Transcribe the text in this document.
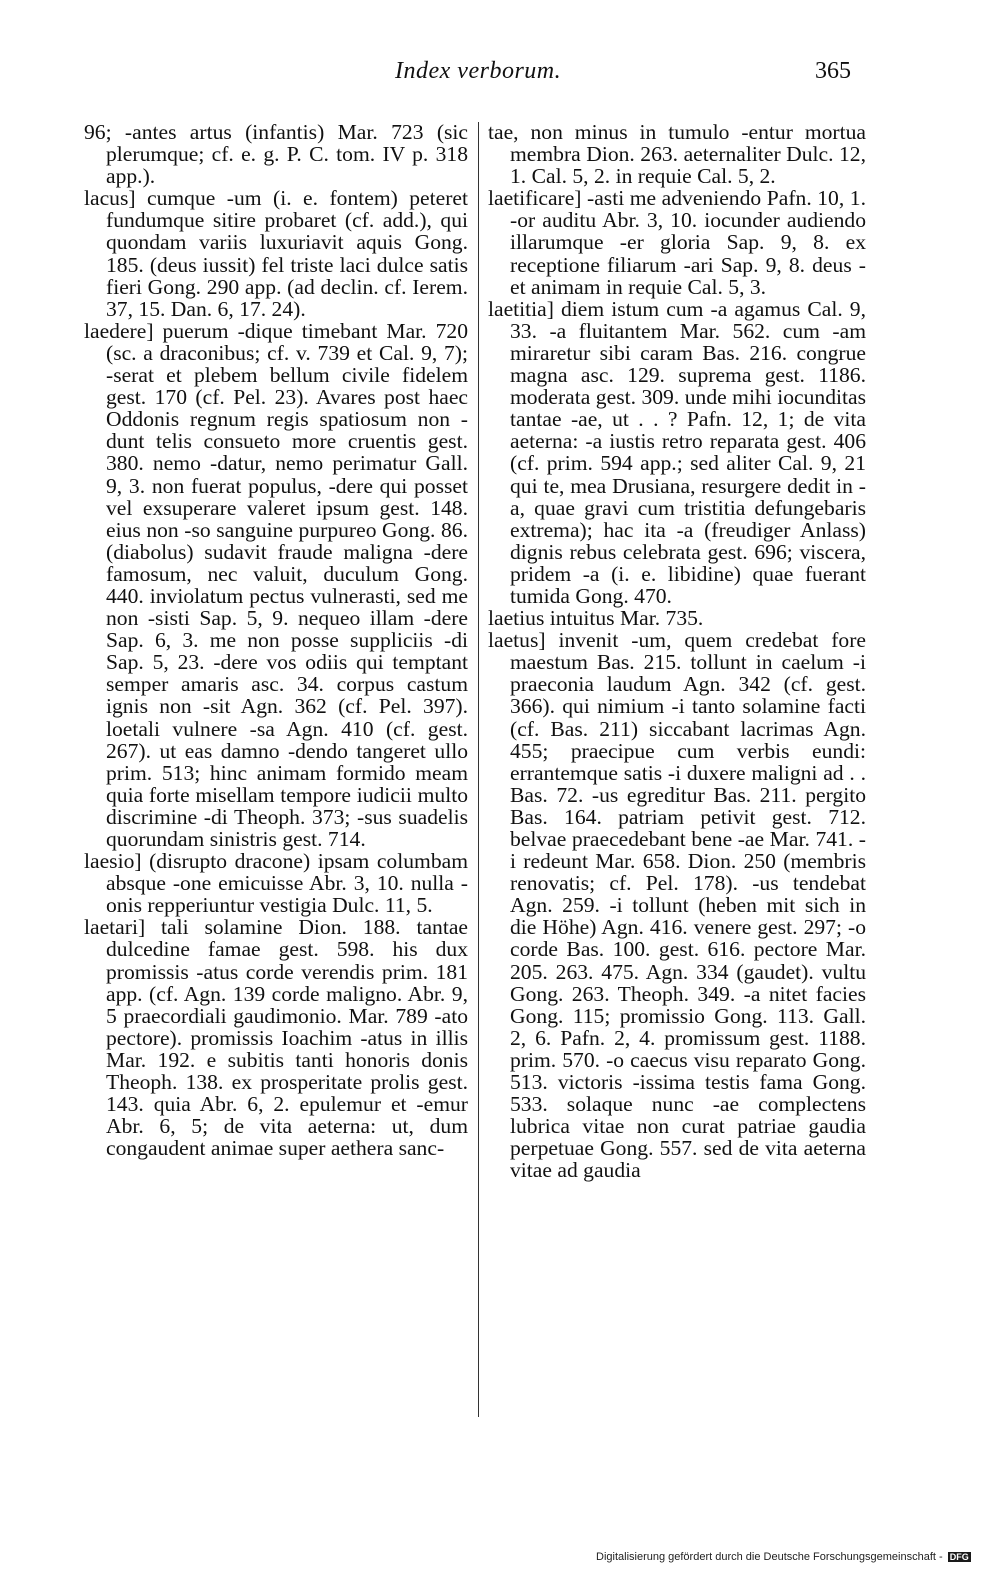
Index verborum.	365

96; -antes artus (infantis) Mar. 723 (sic plerumque; cf. e. g. P. C. tom. IV p. 318 app.).

lacus] cumque -um (i. e. fontem) peteret fundumque sitire probaret (cf. add.), qui quondam variis luxuriavit aquis Gong. 185. (deus iussit) fel triste laci dulce satis fieri Gong. 290 app. (ad declin. cf. Ierem. 37, 15. Dan. 6, 17. 24).

laedere] puerum -dique timebant Mar. 720 (sc. a draconibus; cf. v. 739 et Cal. 9, 7); -serat et plebem bellum civile fidelem gest. 170 (cf. Pel. 23). Avares post haec Oddonis regnum regis spatiosum non -dunt telis consueto more cruentis gest. 380. nemo -datur, nemo perimatur Gall. 9, 3. non fuerat populus, -dere qui posset vel exsuperare valeret ipsum gest. 148. eius non -so sanguine purpureo Gong. 86. (diabolus) sudavit fraude maligna -dere famosum, nec valuit, duculum Gong. 440. inviolatum pectus vulnerasti, sed me non -sisti Sap. 5, 9. nequeo illam -dere Sap. 6, 3. me non posse suppliciis -di Sap. 5, 23. -dere vos odiis qui temptant semper amaris asc. 34. corpus castum ignis non -sit Agn. 362 (cf. Pel. 397). loetali vulnere -sa Agn. 410 (cf. gest. 267). ut eas damno -dendo tangeret ullo prim. 513; hinc animam formido meam quia forte misellam tempore iudicii multo discrimine -di Theoph. 373; -sus suadelis quorundam sinistris gest. 714.

laesio] (disrupto dracone) ipsam columbam absque -one emicuisse Abr. 3, 10. nulla -onis repperiuntur vestigia Dulc. 11, 5.

laetari] tali solamine Dion. 188. tantae dulcedine famae gest. 598. his dux promissis -atus corde verendis prim. 181 app. (cf. Agn. 139 corde maligno. Abr. 9, 5 praecordiali gaudimonio. Mar. 789 -ato pectore). promissis Ioachim -atus in illis Mar. 192. e subitis tanti honoris donis Theoph. 138. ex prosperitate prolis gest. 143. quia Abr. 6, 2. epulemur et -emur Abr. 6, 5; de vita aeterna: ut, dum congaudent animae super aethera sanc-

tae, non minus in tumulo -entur mortua membra Dion. 263. aeternaliter Dulc. 12, 1. Cal. 5, 2. in requie Cal. 5, 2.

laetificare] -asti me adveniendo Pafn. 10, 1. -or auditu Abr. 3, 10. iocunder audiendo illarumque -er gloria Sap. 9, 8. ex receptione filiarum -ari Sap. 9, 8. deus -et animam in requie Cal. 5, 3.

laetitia] diem istum cum -a agamus Cal. 9, 33. -a fluitantem Mar. 562. cum -am miraretur sibi caram Bas. 216. congrue magna asc. 129. suprema gest. 1186. moderata gest. 309. unde mihi iocunditas tantae -ae, ut . . ? Pafn. 12, 1; de vita aeterna: -a iustis retro reparata gest. 406 (cf. prim. 594 app.; sed aliter Cal. 9, 21 qui te, mea Drusiana, resurgere dedit in -a, quae gravi cum tristitia defungebaris extrema); hac ita -a (freudiger Anlass) dignis rebus celebrata gest. 696; viscera, pridem -a (i. e. libidine) quae fuerant tumida Gong. 470.

laetius intuitus Mar. 735.

laetus] invenit -um, quem credebat fore maestum Bas. 215. tollunt in caelum -i praeconia laudum Agn. 342 (cf. gest. 366). qui nimium -i tanto solamine facti (cf. Bas. 211) siccabant lacrimas Agn. 455; praecipue cum verbis eundi: errantemque satis -i duxere maligni ad . . Bas. 72. -us egreditur Bas. 211. pergito Bas. 164. patriam petivit gest. 712. belvae praecedebant bene -ae Mar. 741. -i redeunt Mar. 658. Dion. 250 (membris renovatis; cf. Pel. 178). -us tendebat Agn. 259. -i tollunt (heben mit sich in die Höhe) Agn. 416. venere gest. 297; -o corde Bas. 100. gest. 616. pectore Mar. 205. 263. 475. Agn. 334 (gaudet). vultu Gong. 263. Theoph. 349. -a nitet facies Gong. 115; promissio Gong. 113. Gall. 2, 6. Pafn. 2, 4. promissum gest. 1188. prim. 570. -o caecus visu reparato Gong. 513. victoris -issima testis fama Gong. 533. solaque nunc -ae complectens lubrica vitae non curat patriae gaudia perpetuae Gong. 557. sed de vita aeterna vitae ad gaudia

Digitalisierung gefördert durch die Deutsche Forschungsgemeinschaft - DFG
